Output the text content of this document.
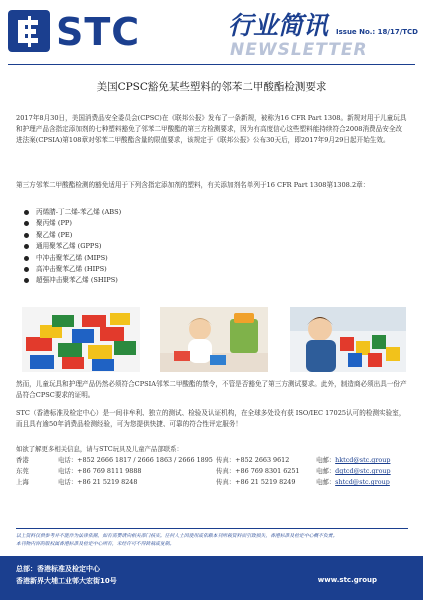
STC	行业简讯
NEWSLETTER
Issue No.: 18/17/TCD
美国CPSC豁免某些塑料的邻苯二甲酸酯检测要求
2017年8月30日，美国消费品安全委员会(CPSC)在《联邦公报》发布了一条新规，被称为16 CFR Part 1308。新规对用于儿童玩具和护理产品含指定添加剂的七种塑料豁免了邻苯二甲酸酯的第三方检测要求，因为有高度信心这些塑料能持续符合2008消费品安全改进法案(CPSIA)第108章对邻苯二甲酸酯含量的限值要求，该规定于《联邦公报》公布30天后，即2017年9月29日起开始生效。
第三方邻苯二甲酸酯检测的豁免适用于下列含指定添加剂的塑料，有关添加剂名单列于16 CFR Part 1308第1308.2章：
丙烯腈-丁二烯-苯乙烯 (ABS)
聚丙烯 (PP)
聚乙烯 (PE)
通用聚苯乙烯 (GPPS)
中冲击聚苯乙烯 (MIPS)
高冲击聚苯乙烯 (HIPS)
超强冲击聚苯乙烯 (SHIPS)
然而，儿童玩具和护理产品仍然必须符合CPSIA邻苯二甲酸酯的禁令，不管是否豁免了第三方测试要求。此外，制造商必须出具一份产品符合CPSC要求的证明。
STC（香港标准及检定中心）是一间非牟利、独立的测试、检验及认证机构，在全球多处设有获 ISO/IEC 17025认可的检测实验室，而且具有逾50年消费品检测经验，可为您提供快捷、可靠的符合性评定服务！
如欲了解更多相关信息，请与STC玩具及儿童产品部联系：
香港	电话：+852 2666 1817 / 2666 1863 / 2666 1895 传真：+852 2663 9612	电邮：hktcd@stc.group
东莞	电话：+86 769 8111 9888	传真：+86 769 8301 6251	电邮：dgtcd@stc.group
上海	电话：+86 21 5219 8248	传真：+86 21 5219 8249	电邮：shtcd@stc.group
以上资料仅供参考并不能作为法律依据，如有需要请向相关部门核实。任何人士因使用或依赖本刊所载资料而引致损失，香港标准及检定中心概不负责。
本刊物内容的版权属香港标准及检定中心所有，未经许可不得转载或复制。
总部：香港标准及检定中心
香港新界大埔工业邨大宏街10号	www.stc.group
